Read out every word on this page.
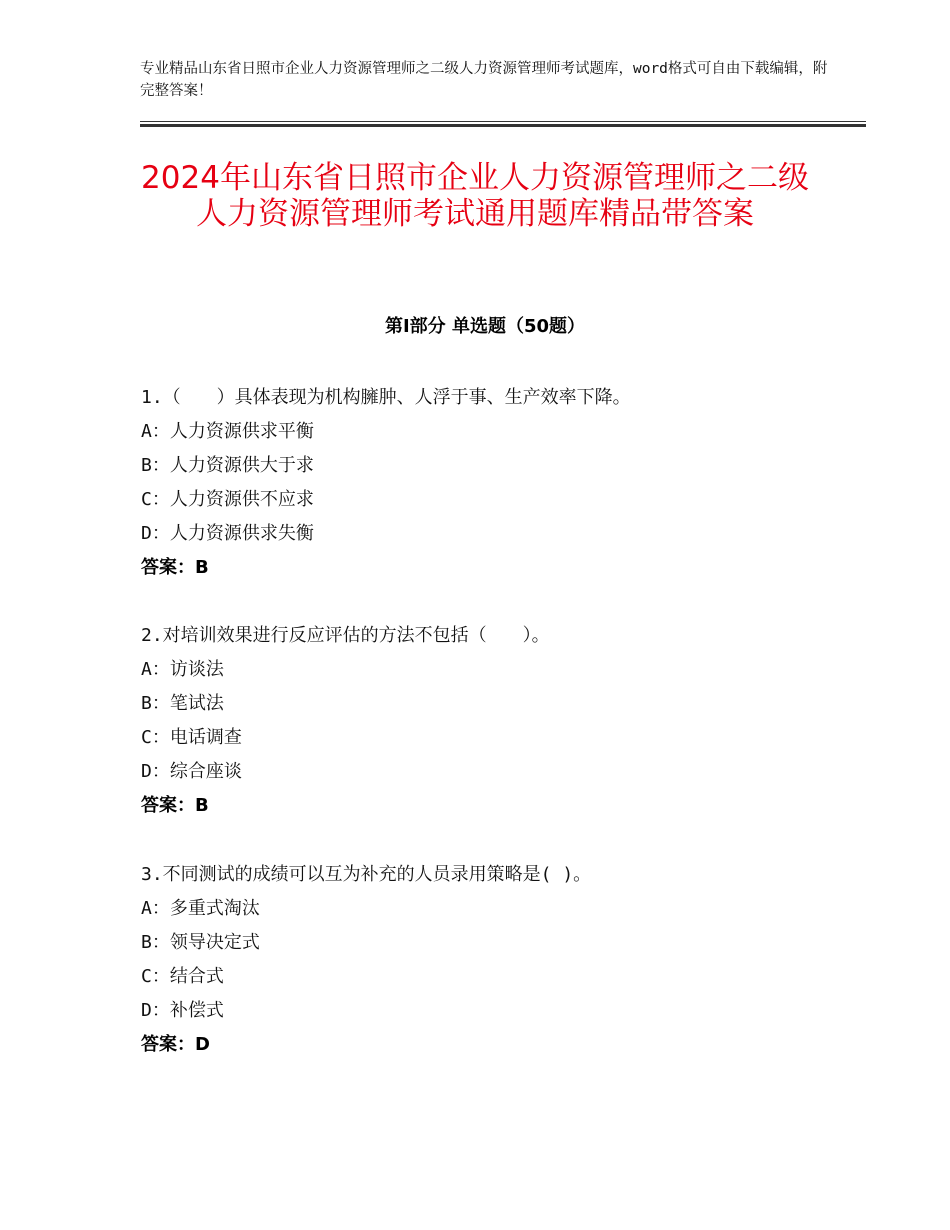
专业精品山东省日照市企业人力资源管理师之二级人力资源管理师考试题库，word格式可自由下载编辑，附完整答案！
2024年山东省日照市企业人力资源管理师之二级人力资源管理师考试通用题库精品带答案
第Ⅰ部分 单选题（50题）
1.（　　）具体表现为机构臃肿、人浮于事、生产效率下降。
A：人力资源供求平衡
B：人力资源供大于求
C：人力资源供不应求
D：人力资源供求失衡
答案：B
2.对培训效果进行反应评估的方法不包括（　　）。
A：访谈法
B：笔试法
C：电话调查
D：综合座谈
答案：B
3.不同测试的成绩可以互为补充的人员录用策略是( )。
A：多重式淘汰
B：领导决定式
C：结合式
D：补偿式
答案：D
